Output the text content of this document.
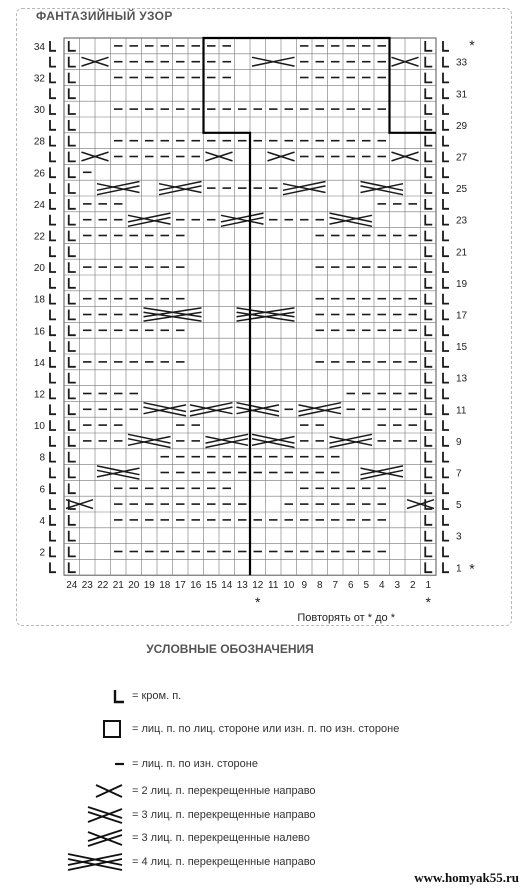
ФАНТАЗИЙНЫЙ УЗОР
24 23 22 21 20 19 18 17 16 15 14 13 12 11 10 9 8 7 6 5 4 3 2 1
2
4
6
8
10
12
14
16
18
20
22
24
26
28
30
32
34
1
3
5
7
9
11
13
15
17
19
21
23
25
27
29
31
33
*
*
*	*
Повторять от * до *
УСЛОВНЫЕ ОБОЗНАЧЕНИЯ
= кром. п.
= лиц. п. по лиц. стороне или изн. п. по изн. стороне
= лиц. п. по изн. стороне
= 2 лиц. п. перекрещенные направо
= 3 лиц. п. перекрещенные направо
= 3 лиц. п. перекрещенные налево
= 4 лиц. п. перекрещенные направо
www.homyak55.ru
